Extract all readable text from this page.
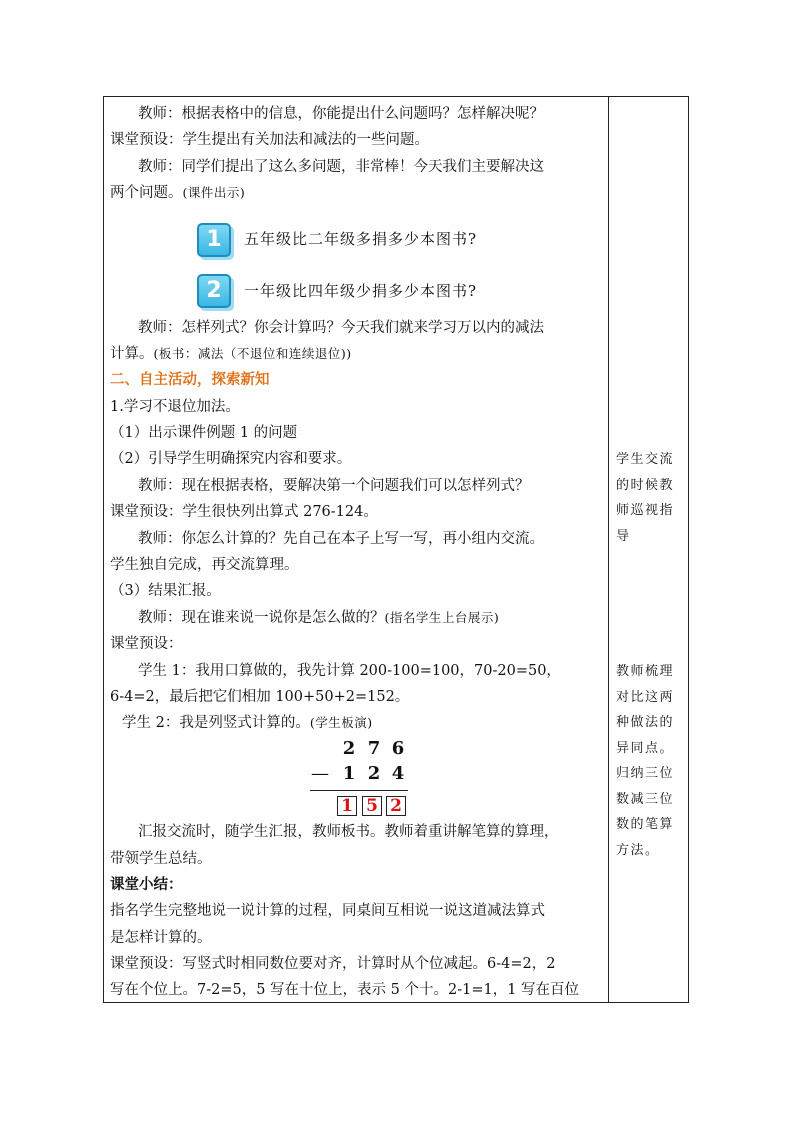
教师：根据表格中的信息，你能提出什么问题吗？怎样解决呢？
课堂预设：学生提出有关加法和减法的一些问题。
教师：同学们提出了这么多问题，非常棒！今天我们主要解决这
两个问题。(课件出示)
1	五年级比二年级多捐多少本图书?
2	一年级比四年级少捐多少本图书?
教师：怎样列式？你会计算吗？今天我们就来学习万以内的减法
计算。(板书：减法（不退位和连续退位))
二、自主活动，探索新知
1.学习不退位加法。
（1）出示课件例题 1 的问题
（2）引导学生明确探究内容和要求。
教师：现在根据表格，要解决第一个问题我们可以怎样列式？
课堂预设：学生很快列出算式 276-124。
教师：你怎么计算的？先自己在本子上写一写，再小组内交流。
学生独自完成，再交流算理。
（3）结果汇报。
教师：现在谁来说一说你是怎么做的？(指名学生上台展示)
课堂预设：
学生 1：我用口算做的，我先计算 200-100=100，70-20=50，
6-4=2，最后把它们相加 100+50+2=152。
学生 2：我是列竖式计算的。(学生板演)
2 7 6
— 1 2 4
1 5 2
汇报交流时，随学生汇报，教师板书。教师着重讲解笔算的算理，
带领学生总结。
课堂小结：
指名学生完整地说一说计算的过程，同桌间互相说一说这道减法算式
是怎样计算的。
课堂预设：写竖式时相同数位要对齐，计算时从个位减起。6-4=2，2
写在个位上。7-2=5，5 写在十位上，表示 5 个十。2-1=1，1 写在百位
学生交流
的时候教
师巡视指
导
教师梳理
对比这两
种做法的
异同点。
归纳三位
数减三位
数的笔算
方法。
